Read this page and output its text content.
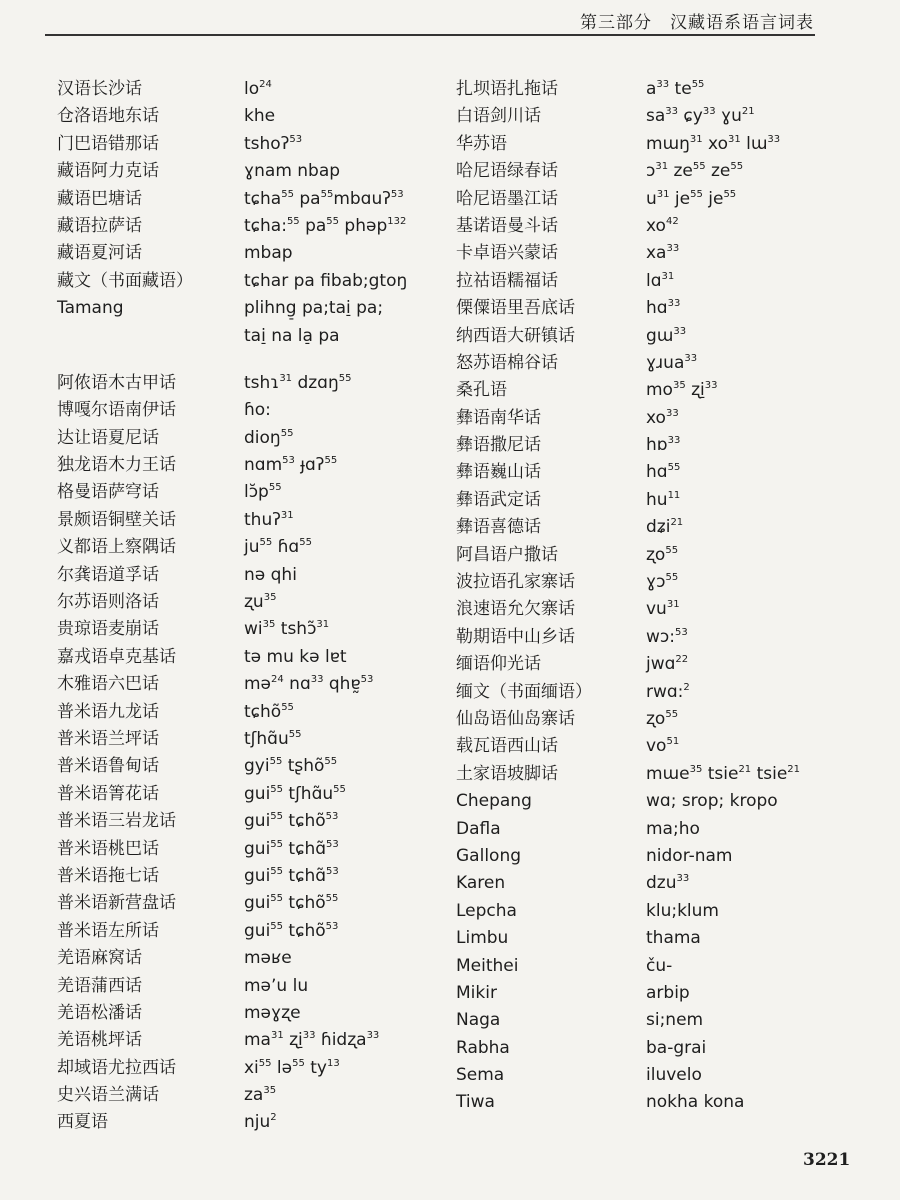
第三部分　汉藏语系语言词表
汉语长沙话	$lo^{24}$
仓洛语地东话	khe
门巴语错那话	tshoʔ$^{53}$
藏语阿力克话	ɣnam nbap
藏语巴塘话	tɕha$^{55}$ $pa^{55}mbɑuʔ^{53}$
藏语拉萨话	tɕha:$^{55}$ $pa^{55}$ phəp$^{132}$
藏语夏河话	mbap
藏文（书面藏语）	tɕhar pa fibab;gtoŋ
Tamang	plihng̠ pa;tai̠ pa;
tai̠ na la̠ pa
阿侬语木古甲话	tshɿ$^{31}$ dzɑŋ$^{55}$
博嘎尔语南伊话	ɦo:
达让语夏尼话	dioŋ$^{55}$
独龙语木力王话	nɑm$^{53}$ ɟɑʔ$^{55}$
格曼语萨穹话	$lɔ̆p^{55}$
景颇语铜壁关话	thuʔ$^{31}$
义都语上察隅话	$ju^{55}$ ɦɑ$^{55}$
尔龚语道孚话	nə qhi
尔苏语则洛话	ʐu$^{35}$
贵琼语麦崩话	$wi^{35}$ tshɔ̃$^{31}$
嘉戎语卓克基话	tə mu kə lɐt
木雅语六巴话	mə$^{24}$ nɑ$^{33}$ qhɐ̰$^{53}$
普米语九龙话	tɕhõ$^{55}$
普米语兰坪话	$tʃhɑ̃u^{55}$
普米语鲁甸话	gyi$^{55}$ tʂhõ$^{55}$
普米语箐花话	gui$^{55}$ $tʃhɑ̃u^{55}$
普米语三岩龙话	gui$^{55}$ tɕhõ$^{53}$
普米语桃巴话	gui$^{55}$ tɕhɑ̃$^{53}$
普米语拖七话	gui$^{55}$ tɕhɑ̃$^{53}$
普米语新营盘话	gui$^{55}$ tɕhõ$^{55}$
普米语左所话	gui$^{55}$ tɕhõ$^{53}$
羌语麻窝话	məʁe
羌语蒲西话	məʼu lu
羌语松潘话	məɣʐe
羌语桃坪话	$ma^{31}$ ʐi̠$^{33}$ ɦidʐa$^{33}$
却域语尤拉西话	$xi^{55}$ lə$^{55}$ $ty^{13}$
史兴语兰满话	$za^{35}$
西夏语	nju$^2$
扎坝语扎拖话	$a^{33}$ $te^{55}$
白语剑川话	$sa^{33}$ ɕy$^{33}$ ɣu$^{21}$
华苏语	mɯŋ$^{31}$ $xo^{31}$ lɯ$^{33}$
哈尼语绿春话	ɔ$^{31}$ $ze^{55}$ $ze^{55}$
哈尼语墨江话	$u^{31}$ $je^{55}$ $je^{55}$
基诺语曼斗话	$xo^{42}$
卡卓语兴蒙话	$xa^{33}$
拉祜语糯福话	lɑ$^{31}$
傈僳语里吾底话	hɑ$^{33}$
纳西语大研镇话	gɯ$^{33}$
怒苏语棉谷话	ɣɹua$^{33}$
桑孔语	$mo^{35}$ ʐi̠$^{33}$
彝语南华话	$xo^{33}$
彝语撒尼话	hɒ$^{33}$
彝语巍山话	hɑ$^{55}$
彝语武定话	$hu^{11}$
彝语喜德话	dʑi$^{21}$
阿昌语户撒话	ʐo$^{55}$
波拉语孔家寨话	ɣɔ$^{55}$
浪速语允欠寨话	$vu^{31}$
勒期语中山乡话	wɔ:$^{53}$
缅语仰光话	jwɑ$^{22}$
缅文（书面缅语）	rwɑ:$^2$
仙岛语仙岛寨话	ʐo$^{55}$
载瓦语西山话	$vo^{51}$
土家语坡脚话	mɯe$^{35}$ tsie$^{21}$ tsie$^{21}$
Chepang	wɑ; srop; kropo
Dafla	ma;ho
Gallong	nidor-nam
Karen	dzu$^{33}$
Lepcha	klu;klum
Limbu	thama
Meithei	ču-
Mikir	arbip
Naga	si;nem
Rabha	ba-grai
Sema	iluvelo
Tiwa	nokha kona
3221
